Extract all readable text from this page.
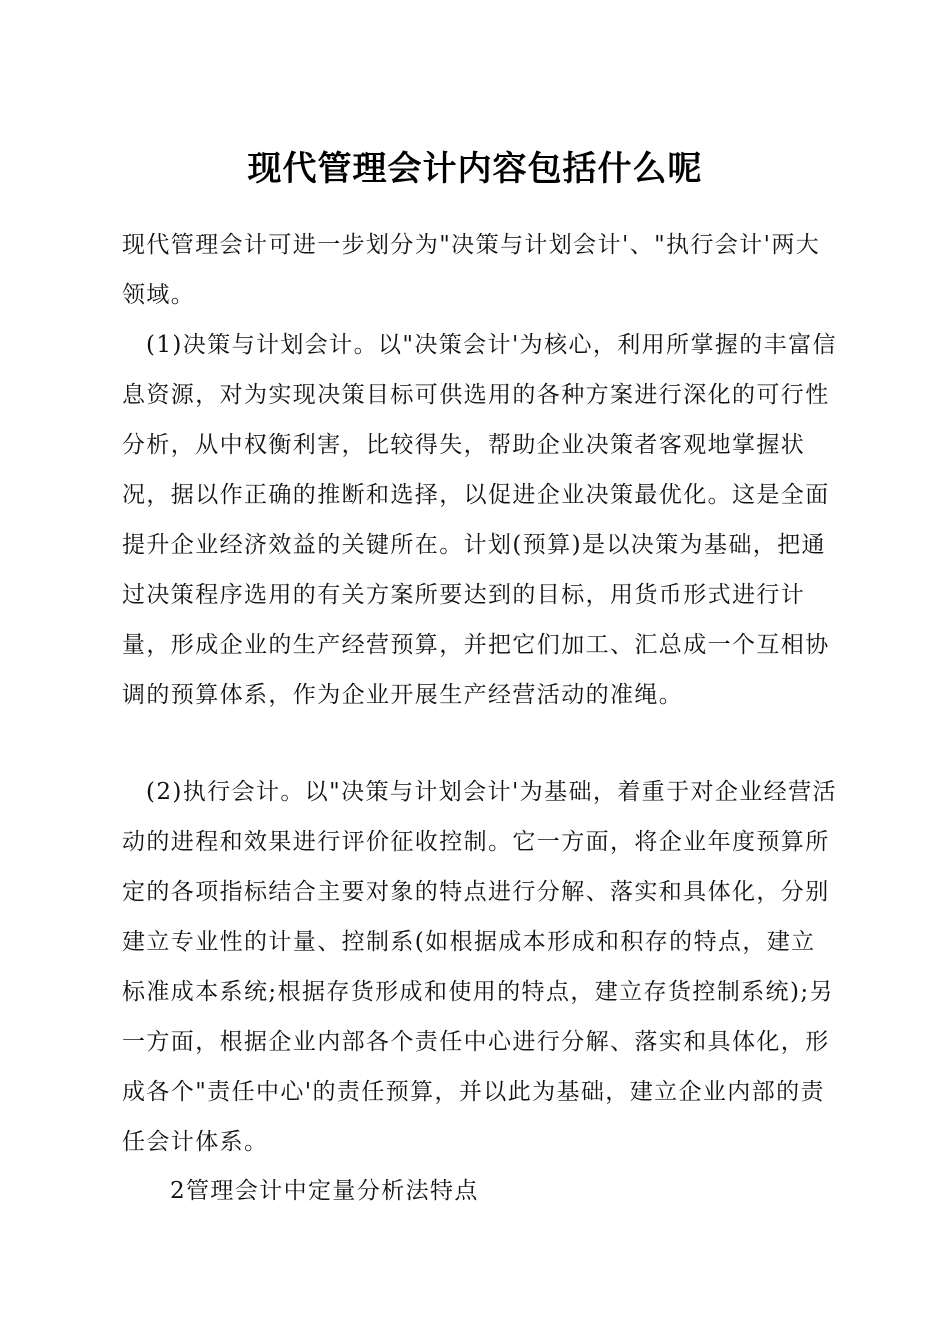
现代管理会计内容包括什么呢

现代管理会计可进一步划分为"决策与计划会计'、"执行会计'两大领域。

(1)决策与计划会计。以"决策会计'为核心，利用所掌握的丰富信息资源，对为实现决策目标可供选用的各种方案进行深化的可行性分析，从中权衡利害，比较得失，帮助企业决策者客观地掌握状况，据以作正确的推断和选择，以促进企业决策最优化。这是全面提升企业经济效益的关键所在。计划(预算)是以决策为基础，把通过决策程序选用的有关方案所要达到的目标，用货币形式进行计量，形成企业的生产经营预算，并把它们加工、汇总成一个互相协调的预算体系，作为企业开展生产经营活动的准绳。

(2)执行会计。以"决策与计划会计'为基础，着重于对企业经营活动的进程和效果进行评价征收控制。它一方面，将企业年度预算所定的各项指标结合主要对象的特点进行分解、落实和具体化，分别建立专业性的计量、控制系(如根据成本形成和积存的特点，建立标准成本系统;根据存货形成和使用的特点，建立存货控制系统);另一方面，根据企业内部各个责任中心进行分解、落实和具体化，形成各个"责任中心'的责任预算，并以此为基础，建立企业内部的责任会计体系。

2管理会计中定量分析法特点
